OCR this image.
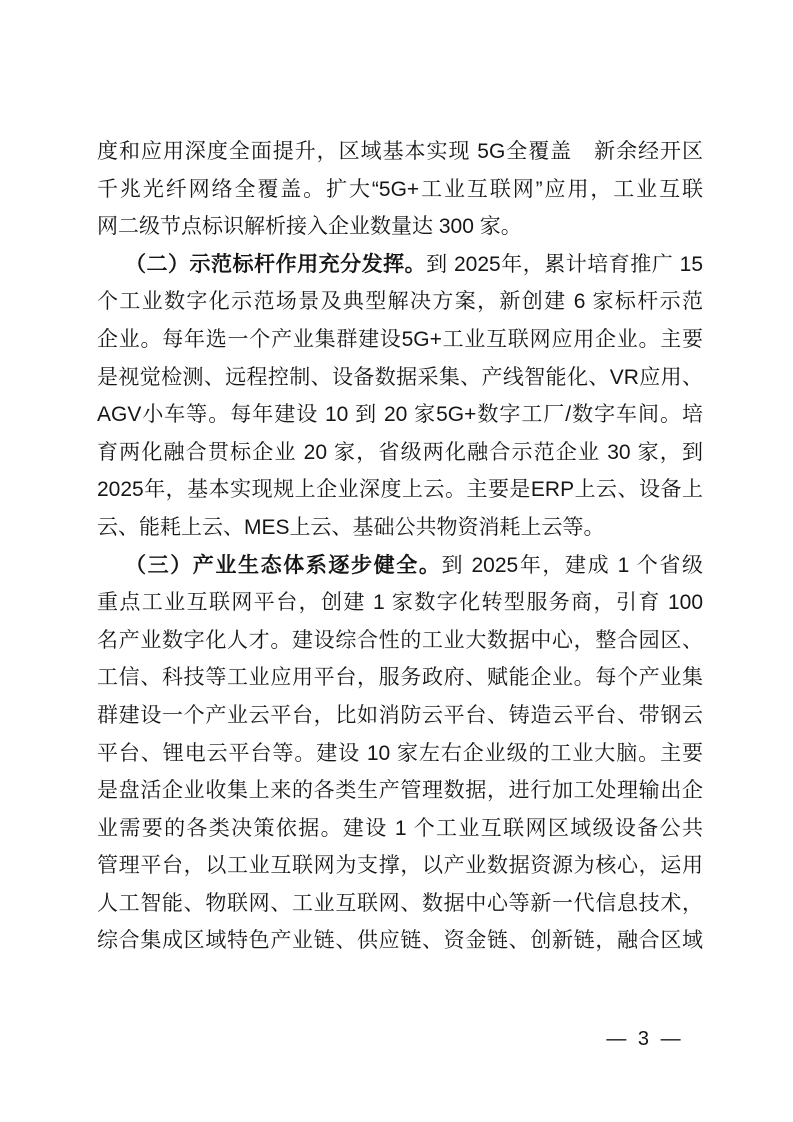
度和应用深度全面提升，区域基本实现 5G全覆盖　新余经开区
千兆光纤网络全覆盖。扩大“5G+工业互联网”应用，工业互联
网二级节点标识解析接入企业数量达 300 家。
（二）示范标杆作用充分发挥。到 2025年，累计培育推广 15
个工业数字化示范场景及典型解决方案，新创建 6 家标杆示范
企业。每年选一个产业集群建设5G+工业互联网应用企业。主要
是视觉检测、远程控制、设备数据采集、产线智能化、VR应用、
AGV小车等。每年建设 10 到 20 家5G+数字工厂/数字车间。培
育两化融合贯标企业 20 家，省级两化融合示范企业 30 家，到
2025年，基本实现规上企业深度上云。主要是ERP上云、设备上
云、能耗上云、MES上云、基础公共物资消耗上云等。
（三）产业生态体系逐步健全。到 2025年，建成 1 个省级
重点工业互联网平台，创建 1 家数字化转型服务商，引育 100
名产业数字化人才。建设综合性的工业大数据中心，整合园区、
工信、科技等工业应用平台，服务政府、赋能企业。每个产业集
群建设一个产业云平台，比如消防云平台、铸造云平台、带钢云
平台、锂电云平台等。建设 10 家左右企业级的工业大脑。主要
是盘活企业收集上来的各类生产管理数据，进行加工处理输出企
业需要的各类决策依据。建设 1 个工业互联网区域级设备公共
管理平台，以工业互联网为支撑，以产业数据资源为核心，运用
人工智能、物联网、工业互联网、数据中心等新一代信息技术，
综合集成区域特色产业链、供应链、资金链、创新链，融合区域
— 3 —
